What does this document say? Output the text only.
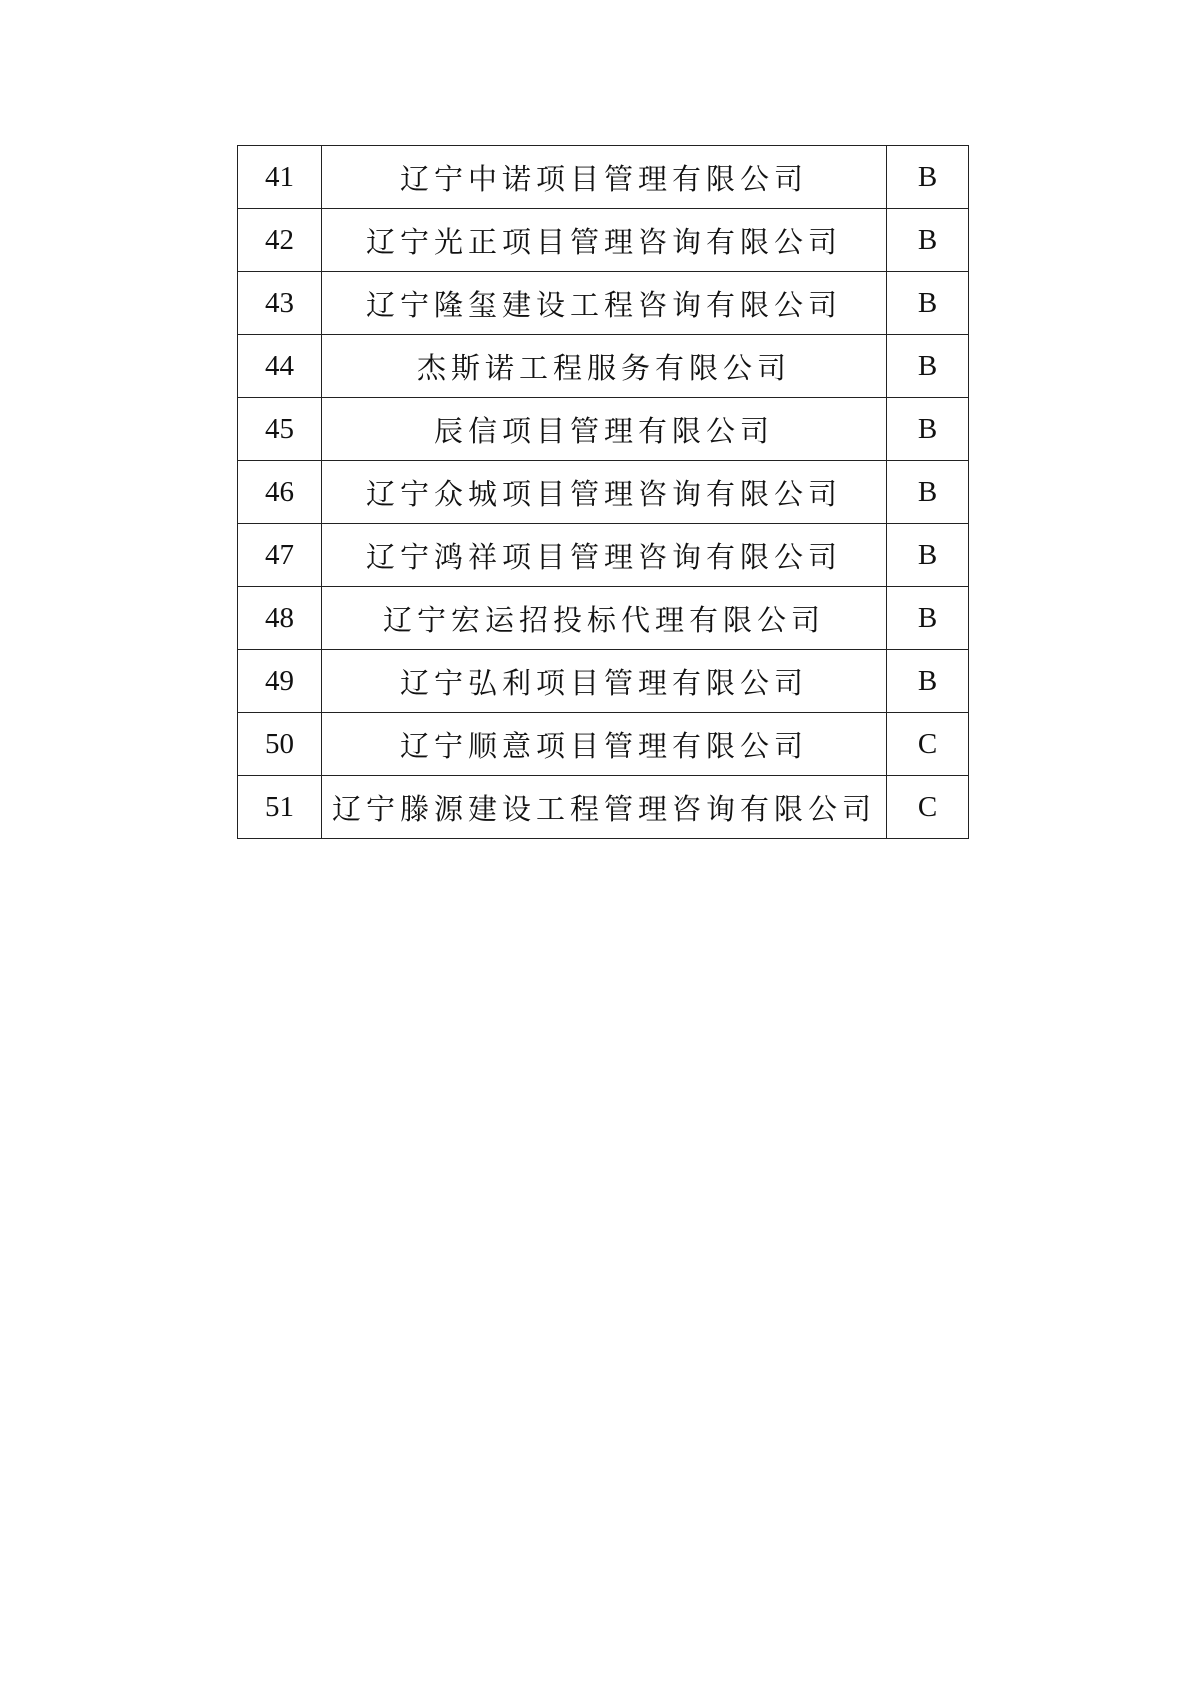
41	辽宁中诺项目管理有限公司	B
42	辽宁光正项目管理咨询有限公司	B
43	辽宁隆玺建设工程咨询有限公司	B
44	杰斯诺工程服务有限公司	B
45	辰信项目管理有限公司	B
46	辽宁众城项目管理咨询有限公司	B
47	辽宁鸿祥项目管理咨询有限公司	B
48	辽宁宏运招投标代理有限公司	B
49	辽宁弘利项目管理有限公司	B
50	辽宁顺意项目管理有限公司	C
51	辽宁滕源建设工程管理咨询有限公司	C
